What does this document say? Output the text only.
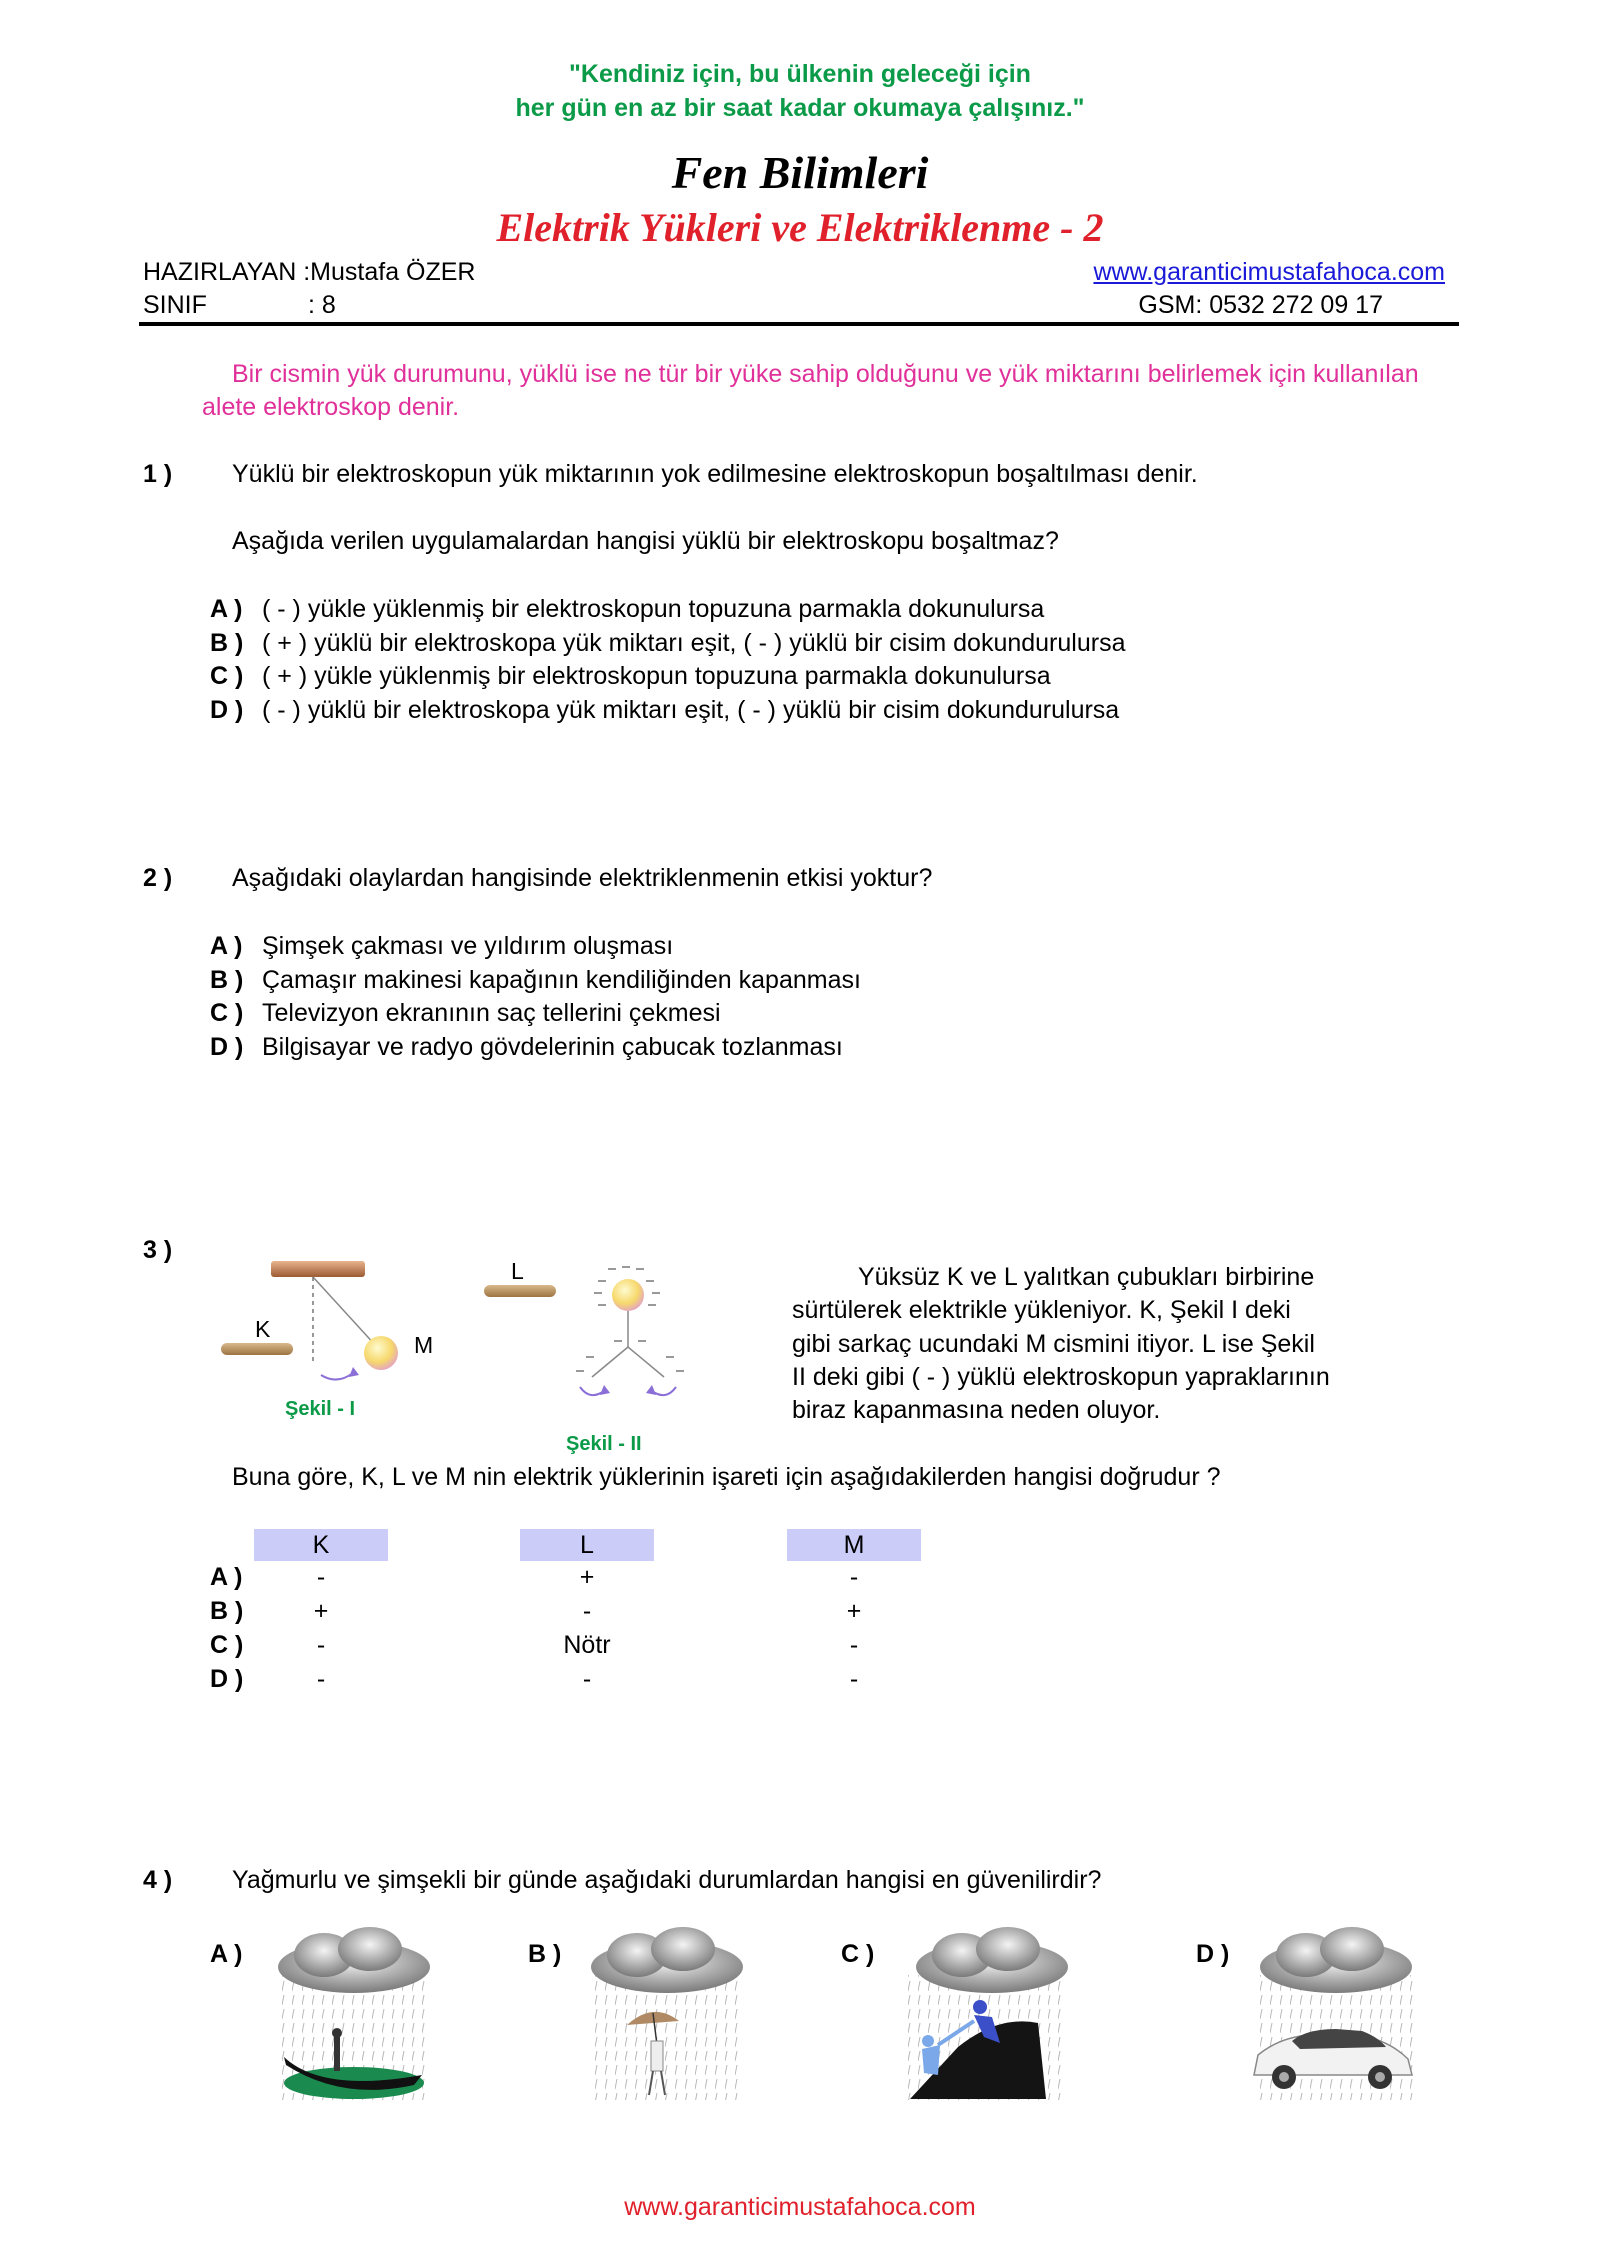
"Kendiniz için, bu ülkenin geleceği için
her gün en az bir saat kadar okumaya çalışınız."
Fen Bilimleri
Elektrik Yükleri ve Elektriklenme - 2
HAZIRLAYAN :Mustafa ÖZER
SINIF	: 8
www.garanticimustafahoca.com
GSM: 0532 272 09 17
Bir cismin yük durumunu, yüklü ise ne tür bir yüke sahip olduğunu ve yük miktarını belirlemek için kullanılan alete elektroskop denir.
1 ) Yüklü bir elektroskopun yük miktarının yok edilmesine elektroskopun boşaltılması denir.
Aşağıda verilen uygulamalardan hangisi yüklü bir elektroskopu boşaltmaz?
A ) ( - ) yükle yüklenmiş bir elektroskopun topuzuna parmakla dokunulursa
B ) ( + ) yüklü bir elektroskopa yük miktarı eşit, ( - ) yüklü bir cisim dokundurulursa
C ) ( + ) yükle yüklenmiş bir elektroskopun topuzuna parmakla dokunulursa
D ) ( - ) yüklü bir elektroskopa yük miktarı eşit, ( - ) yüklü bir cisim dokundurulursa
2 ) Aşağıdaki olaylardan hangisinde elektriklenmenin etkisi yoktur?
A ) Şimşek çakması ve yıldırım oluşması
B ) Çamaşır makinesi kapağının kendiliğinden kapanması
C ) Televizyon ekranının saç tellerini çekmesi
D ) Bilgisayar ve radyo gövdelerinin çabucak tozlanması
3 )
K
M
Şekil - I
L
Şekil - II
Yüksüz K ve L yalıtkan çubukları birbirine
sürtülerek elektrikle yükleniyor. K, Şekil I deki
gibi sarkaç ucundaki M cismini itiyor. L ise Şekil
II deki gibi ( - ) yüklü elektroskopun yapraklarının
biraz kapanmasına neden oluyor.
Buna göre, K, L ve M nin elektrik yüklerinin işareti için aşağıdakilerden hangisi doğrudur ?
K	L	M
A )	-	+	-
B )	+	-	+
C )	-	Nötr	-
D )	-	-	-
4 ) Yağmurlu ve şimşekli bir günde aşağıdaki durumlardan hangisi en güvenilirdir?
A )	B )	C )	D )
www.garanticimustafahoca.com
